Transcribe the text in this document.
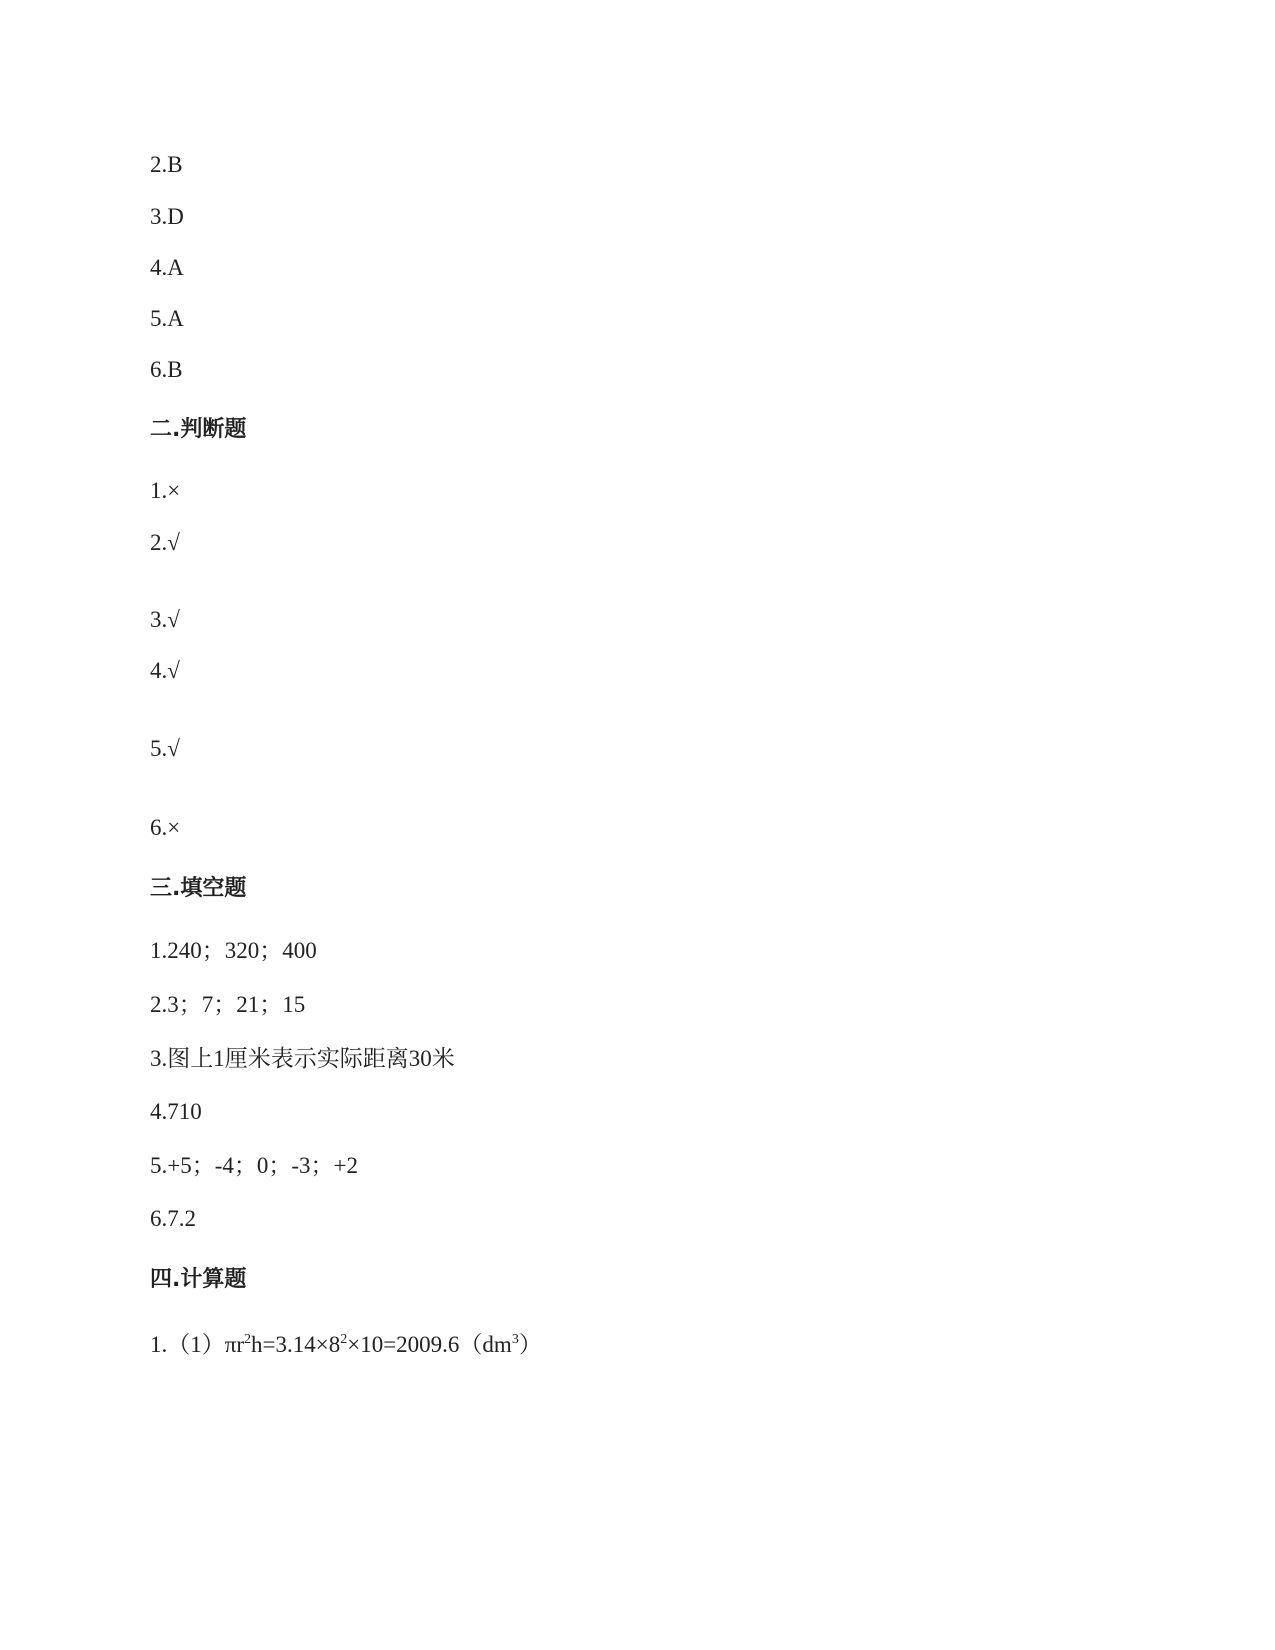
2.B
3.D
4.A
5.A
6.B
二.判断题
1.×
2.√
3.√
4.√
5.√
6.×
三.填空题
1.240；320；400
2.3；7；21；15
3.图上1厘米表示实际距离30米
4.710
5.+5；-4；0；-3；+2
6.7.2
四.计算题
$1.(1)\pi r^2h=3.14\times 8^2\times 10=2009.6(dm^3)$
